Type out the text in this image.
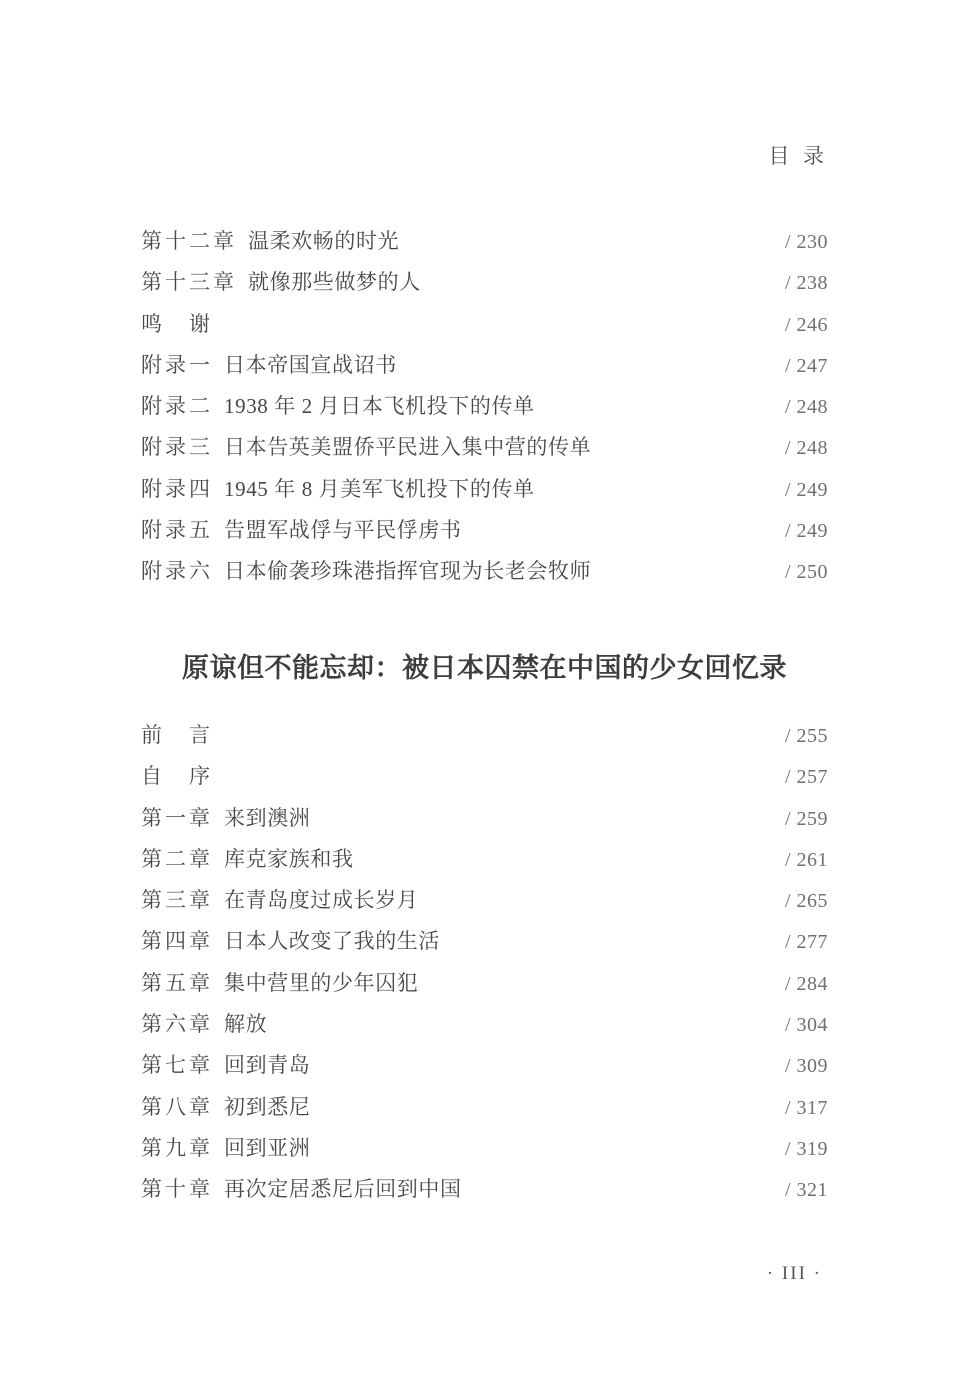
目  录
第十二章 温柔欢畅的时光	/ 230
第十三章 就像那些做梦的人	/ 238
鸣　谢	/ 246
附录一 日本帝国宣战诏书	/ 247
附录二 1938 年 2 月日本飞机投下的传单	/ 248
附录三 日本告英美盟侨平民进入集中营的传单	/ 248
附录四 1945 年 8 月美军飞机投下的传单	/ 249
附录五 告盟军战俘与平民俘虏书	/ 249
附录六 日本偷袭珍珠港指挥官现为长老会牧师	/ 250
原谅但不能忘却：被日本囚禁在中国的少女回忆录
前　言	/ 255
自　序	/ 257
第一章 来到澳洲	/ 259
第二章 库克家族和我	/ 261
第三章 在青岛度过成长岁月	/ 265
第四章 日本人改变了我的生活	/ 277
第五章 集中营里的少年囚犯	/ 284
第六章 解放	/ 304
第七章 回到青岛	/ 309
第八章 初到悉尼	/ 317
第九章 回到亚洲	/ 319
第十章 再次定居悉尼后回到中国	/ 321
· III ·
